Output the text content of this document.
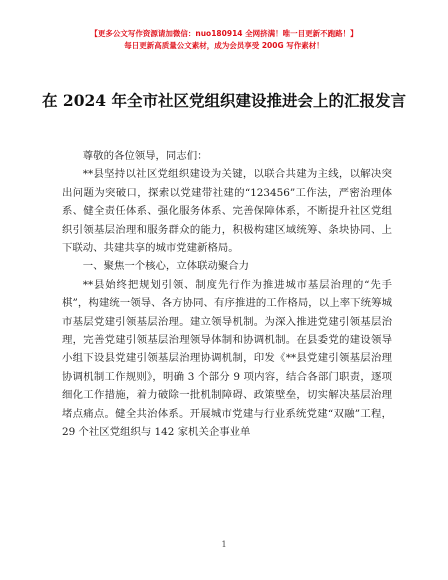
【更多公文写作资源请加微信：nuo180914 全网挤满！唯一目更新不跑路！】
每日更新高质量公文素材，成为会员享受 200G 写作素材！
在 2024 年全市社区党组织建设推进会上的汇报发言

尊敬的各位领导，同志们：

**县坚持以社区党组织建设为关键，以联合共建为主线，以解决突出问题为突破口，探索以党建带社建的“123456”工作法，严密治理体系、健全责任体系、强化服务体系、完善保障体系，不断提升社区党组织引领基层治理和服务群众的能力，积极构建区域统筹、条块协同、上下联动、共建共享的城市党建新格局。

一、聚焦一个核心，立体联动聚合力

**县始终把规划引领、制度先行作为推进城市基层治理的“先手棋”，构建统一领导、各方协同、有序推进的工作格局，以上率下统筹城市基层党建引领基层治理。建立领导机制。为深入推进党建引领基层治理，完善党建引领基层治理领导体制和协调机制。在县委党的建设领导小组下设县党建引领基层治理协调机制，印发《**县党建引领基层治理协调机制工作规则》，明确 3 个部分 9 项内容，结合各部门职责，逐项细化工作措施，着力破除一批机制障碍、政策壁垒，切实解决基层治理堵点痛点。健全共治体系。开展城市党建与行业系统党建“双融”工程，29 个社区党组织与 142 家机关企事业单

1
